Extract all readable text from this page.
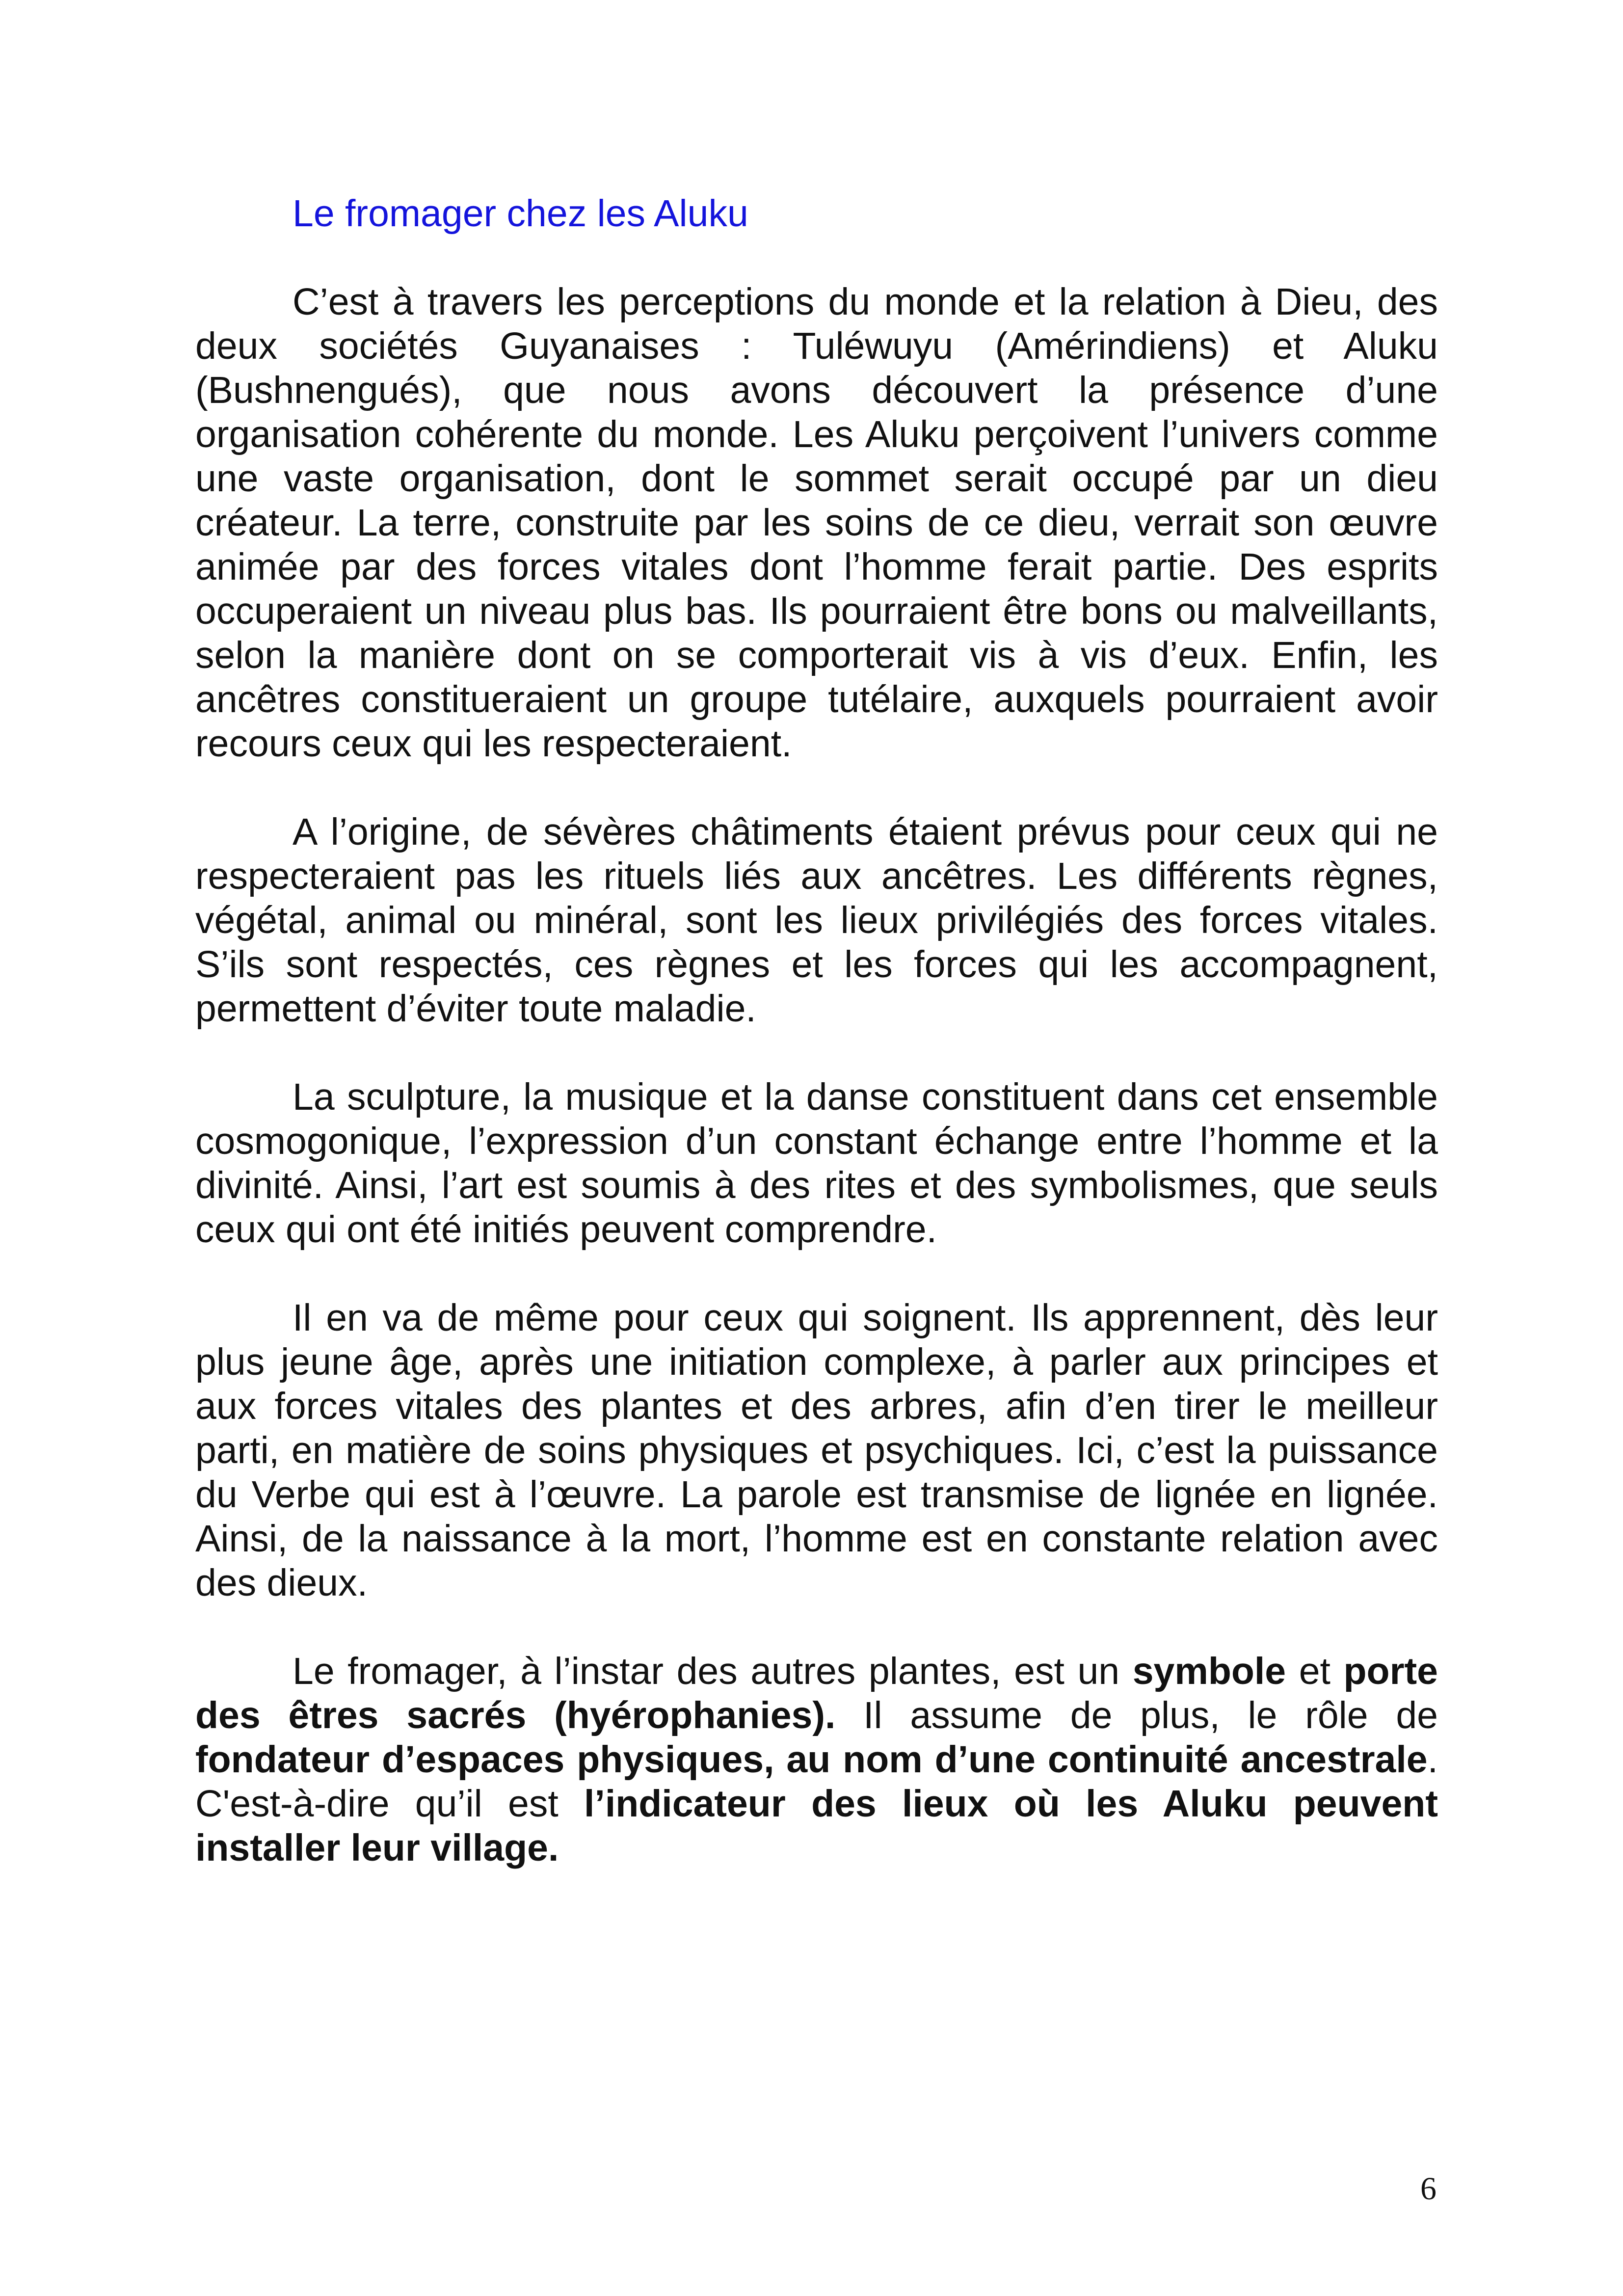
Le fromager chez les Aluku

C’est à travers les perceptions du monde et la relation à Dieu, des deux sociétés Guyanaises : Tuléwuyu (Amérindiens) et Aluku (Bushnengués), que nous avons découvert la présence d’une organisation cohérente du monde. Les Aluku perçoivent l’univers comme une vaste organisation, dont le sommet serait occupé par un dieu créateur. La terre, construite par les soins de ce dieu, verrait son œuvre animée par des forces vitales dont l’homme ferait partie. Des esprits occuperaient un niveau plus bas. Ils pourraient être bons ou malveillants, selon la manière dont on se comporterait vis à vis d’eux. Enfin, les ancêtres constitueraient un groupe tutélaire, auxquels pourraient avoir recours ceux qui les respecteraient.

A l’origine, de sévères châtiments étaient prévus pour ceux qui ne respecteraient pas les rituels liés aux ancêtres. Les différents règnes, végétal, animal ou minéral, sont les lieux privilégiés des forces vitales. S’ils sont respectés, ces règnes et les forces qui les accompagnent, permettent d’éviter toute maladie.

La sculpture, la musique et la danse constituent dans cet ensemble cosmogonique, l’expression d’un constant échange entre l’homme et la divinité. Ainsi, l’art est soumis à des rites et des symbolismes, que seuls ceux qui ont été initiés peuvent comprendre.

Il en va de même pour ceux qui soignent. Ils apprennent, dès leur plus jeune âge, après une initiation complexe, à parler aux principes et aux forces vitales des plantes et des arbres, afin d’en tirer le meilleur parti, en matière de soins physiques et psychiques. Ici, c’est la puissance du Verbe qui est à l’œuvre. La parole est transmise de lignée en lignée. Ainsi, de la naissance à la mort, l’homme est en constante relation avec des dieux.

Le fromager, à l’instar des autres plantes, est un symbole et porte des êtres sacrés (hyérophanies). Il assume de plus, le rôle de fondateur d’espaces physiques, au nom d’une continuité ancestrale. C'est-à-dire qu’il est l’indicateur des lieux où les Aluku peuvent installer leur village.

6
